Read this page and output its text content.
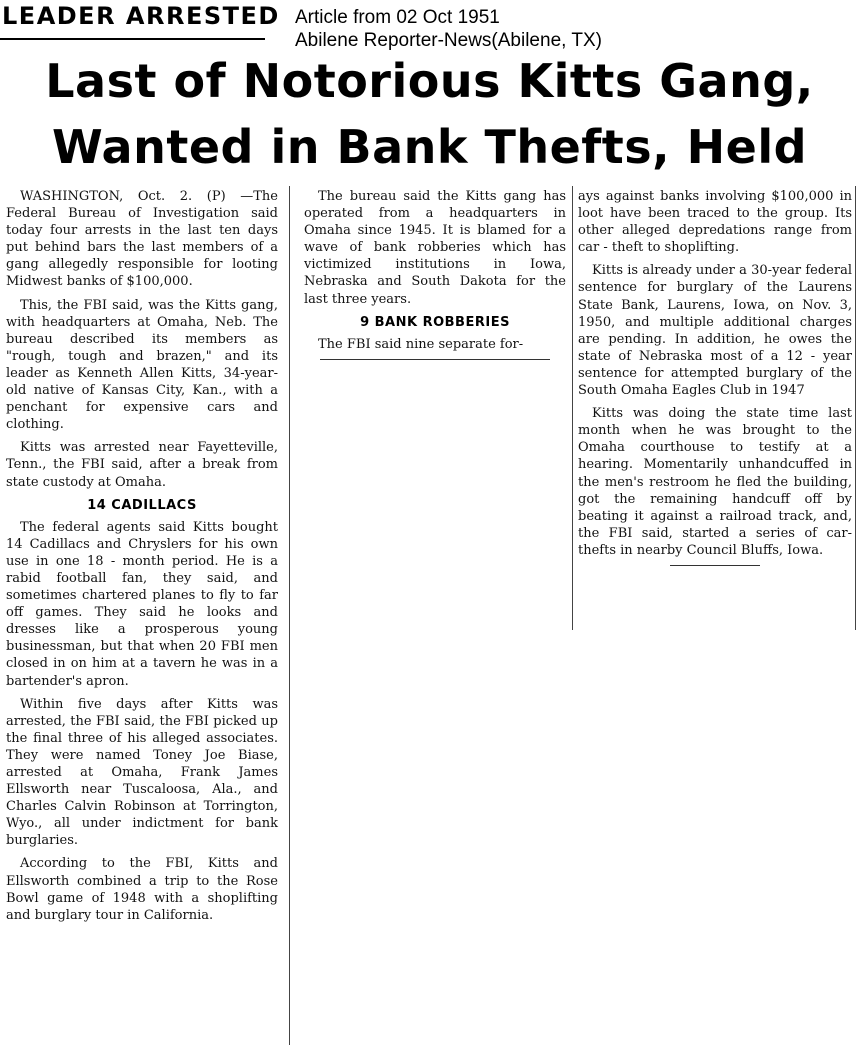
LEADER ARRESTED Article from 02 Oct 1951
Abilene Reporter-News(Abilene, TX)
Last of Notorious Kitts Gang,
Wanted in Bank Thefts, Held

WASHINGTON, Oct. 2. (P) —The Federal Bureau of Investigation said today four arrests in the last ten days put behind bars the last members of a gang allegedly responsible for looting Midwest banks of $100,000.

This, the FBI said, was the Kitts gang, with headquarters at Omaha, Neb. The bureau described its members as "rough, tough and brazen," and its leader as Kenneth Allen Kitts, 34-year-old native of Kansas City, Kan., with a penchant for expensive cars and clothing.

Kitts was arrested near Fayetteville, Tenn., the FBI said, after a break from state custody at Omaha.

14 CADILLACS

The federal agents said Kitts bought 14 Cadillacs and Chryslers for his own use in one 18 - month period. He is a rabid football fan, they said, and sometimes chartered planes to fly to far off games. They said he looks and dresses like a prosperous young businessman, but that when 20 FBI men closed in on him at a tavern he was in a bartender's apron.

Within five days after Kitts was arrested, the FBI said, the FBI picked up the final three of his alleged associates. They were named Toney Joe Biase, arrested at Omaha, Frank James Ellsworth near Tuscaloosa, Ala., and Charles Calvin Robinson at Torrington, Wyo., all under indictment for bank burglaries.

According to the FBI, Kitts and Ellsworth combined a trip to the Rose Bowl game of 1948 with a shoplifting and burglary tour in California.

The bureau said the Kitts gang has operated from a headquarters in Omaha since 1945. It is blamed for a wave of bank robberies which has victimized institutions in Iowa, Nebraska and South Dakota for the last three years.

9 BANK ROBBERIES

The FBI said nine separate for-

ays against banks involving $100,000 in loot have been traced to the group. Its other alleged depredations range from car - theft to shoplifting.

Kitts is already under a 30-year federal sentence for burglary of the Laurens State Bank, Laurens, Iowa, on Nov. 3, 1950, and multiple additional charges are pending. In addition, he owes the state of Nebraska most of a 12 - year sentence for attempted burglary of the South Omaha Eagles Club in 1947

Kitts was doing the state time last month when he was brought to the Omaha courthouse to testify at a hearing. Momentarily unhandcuffed in the men's restroom he fled the building, got the remaining handcuff off by beating it against a railroad track, and, the FBI said, started a series of car-thefts in nearby Council Bluffs, Iowa.
